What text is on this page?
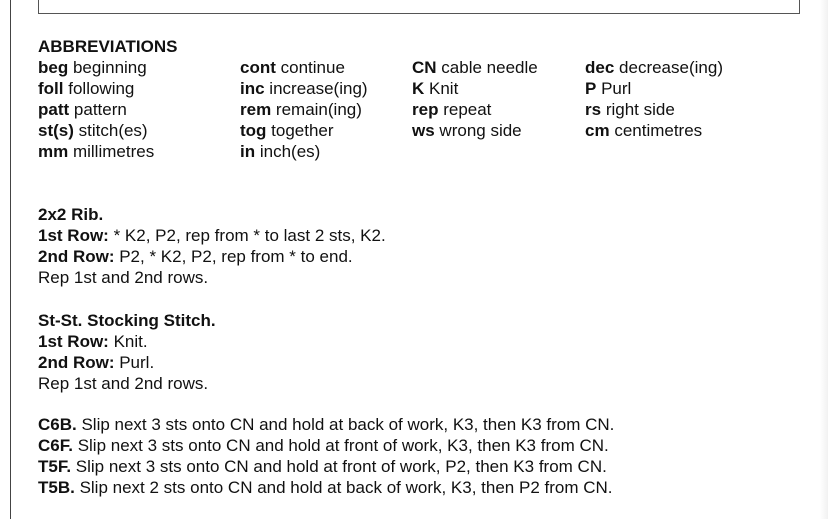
ABBREVIATIONS
beg beginning
foll following
patt pattern
st(s) stitch(es)
mm millimetres
cont continue
inc increase(ing)
rem remain(ing)
tog together
in inch(es)
CN cable needle
K Knit
rep repeat
ws wrong side
dec decrease(ing)
P Purl
rs right side
cm centimetres
2x2 Rib.
1st Row: * K2, P2, rep from * to last 2 sts, K2.
2nd Row: P2, * K2, P2, rep from * to end.
Rep 1st and 2nd rows.
St-St. Stocking Stitch.
1st Row: Knit.
2nd Row: Purl.
Rep 1st and 2nd rows.
C6B. Slip next 3 sts onto CN and hold at back of work, K3, then K3 from CN.
C6F. Slip next 3 sts onto CN and hold at front of work, K3, then K3 from CN.
T5F. Slip next 3 sts onto CN and hold at front of work, P2, then K3 from CN.
T5B. Slip next 2 sts onto CN and hold at back of work, K3, then P2 from CN.
